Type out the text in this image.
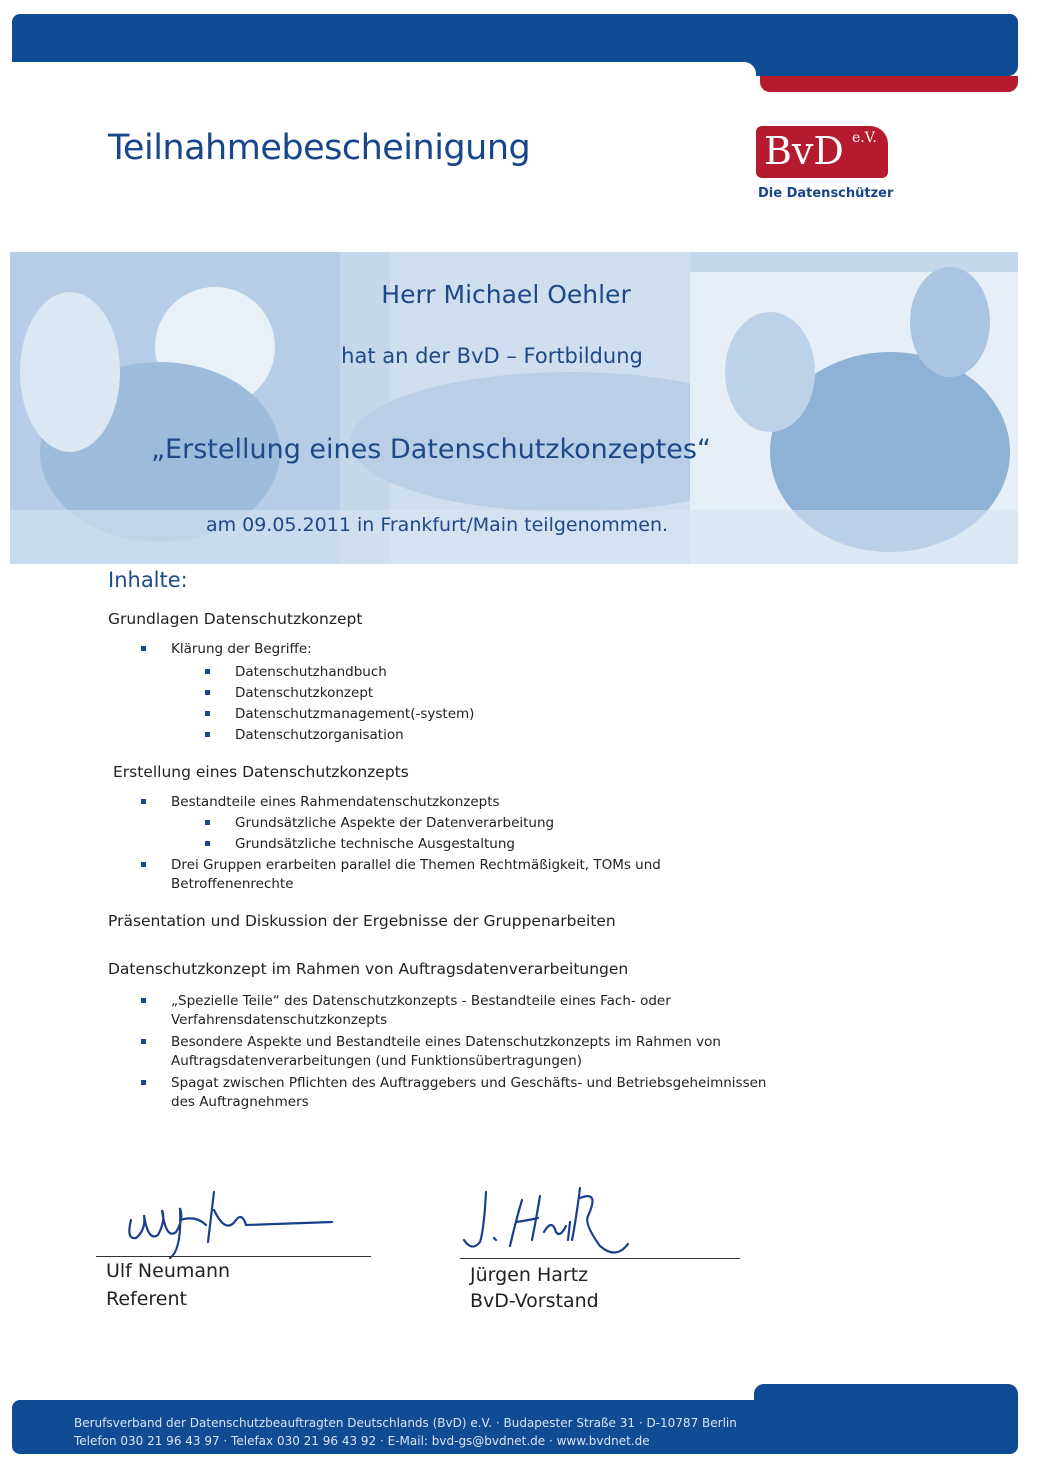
Teilnahmebescheinigung	BvD e.V.
Die Datenschützer

Herr Michael Oehler

hat an der BvD – Fortbildung

„Erstellung eines Datenschutzkonzeptes“

am 09.05.2011 in Frankfurt/Main teilgenommen.

Inhalte:

Grundlagen Datenschutzkonzept

Klärung der Begriffe:
Datenschutzhandbuch
Datenschutzkonzept
Datenschutzmanagement(-system)
Datenschutzorganisation

Erstellung eines Datenschutzkonzepts

Bestandteile eines Rahmendatenschutzkonzepts
Grundsätzliche Aspekte der Datenverarbeitung
Grundsätzliche technische Ausgestaltung
Drei Gruppen erarbeiten parallel die Themen Rechtmäßigkeit, TOMs und
Betroffenenrechte

Präsentation und Diskussion der Ergebnisse der Gruppenarbeiten

Datenschutzkonzept im Rahmen von Auftragsdatenverarbeitungen

„Spezielle Teile“ des Datenschutzkonzepts - Bestandteile eines Fach- oder
Verfahrensdatenschutzkonzepts
Besondere Aspekte und Bestandteile eines Datenschutzkonzepts im Rahmen von
Auftragsdatenverarbeitungen (und Funktionsübertragungen)
Spagat zwischen Pflichten des Auftraggebers und Geschäfts- und Betriebsgeheimnissen
des Auftragnehmers
Ulf Neumann
Referent
Jürgen Hartz
BvD-Vorstand
Berufsverband der Datenschutzbeauftragten Deutschlands (BvD) e.V. · Budapester Straße 31 · D-10787 Berlin
Telefon 030 21 96 43 97 · Telefax 030 21 96 43 92 · E-Mail: bvd-gs@bvdnet.de · www.bvdnet.de
